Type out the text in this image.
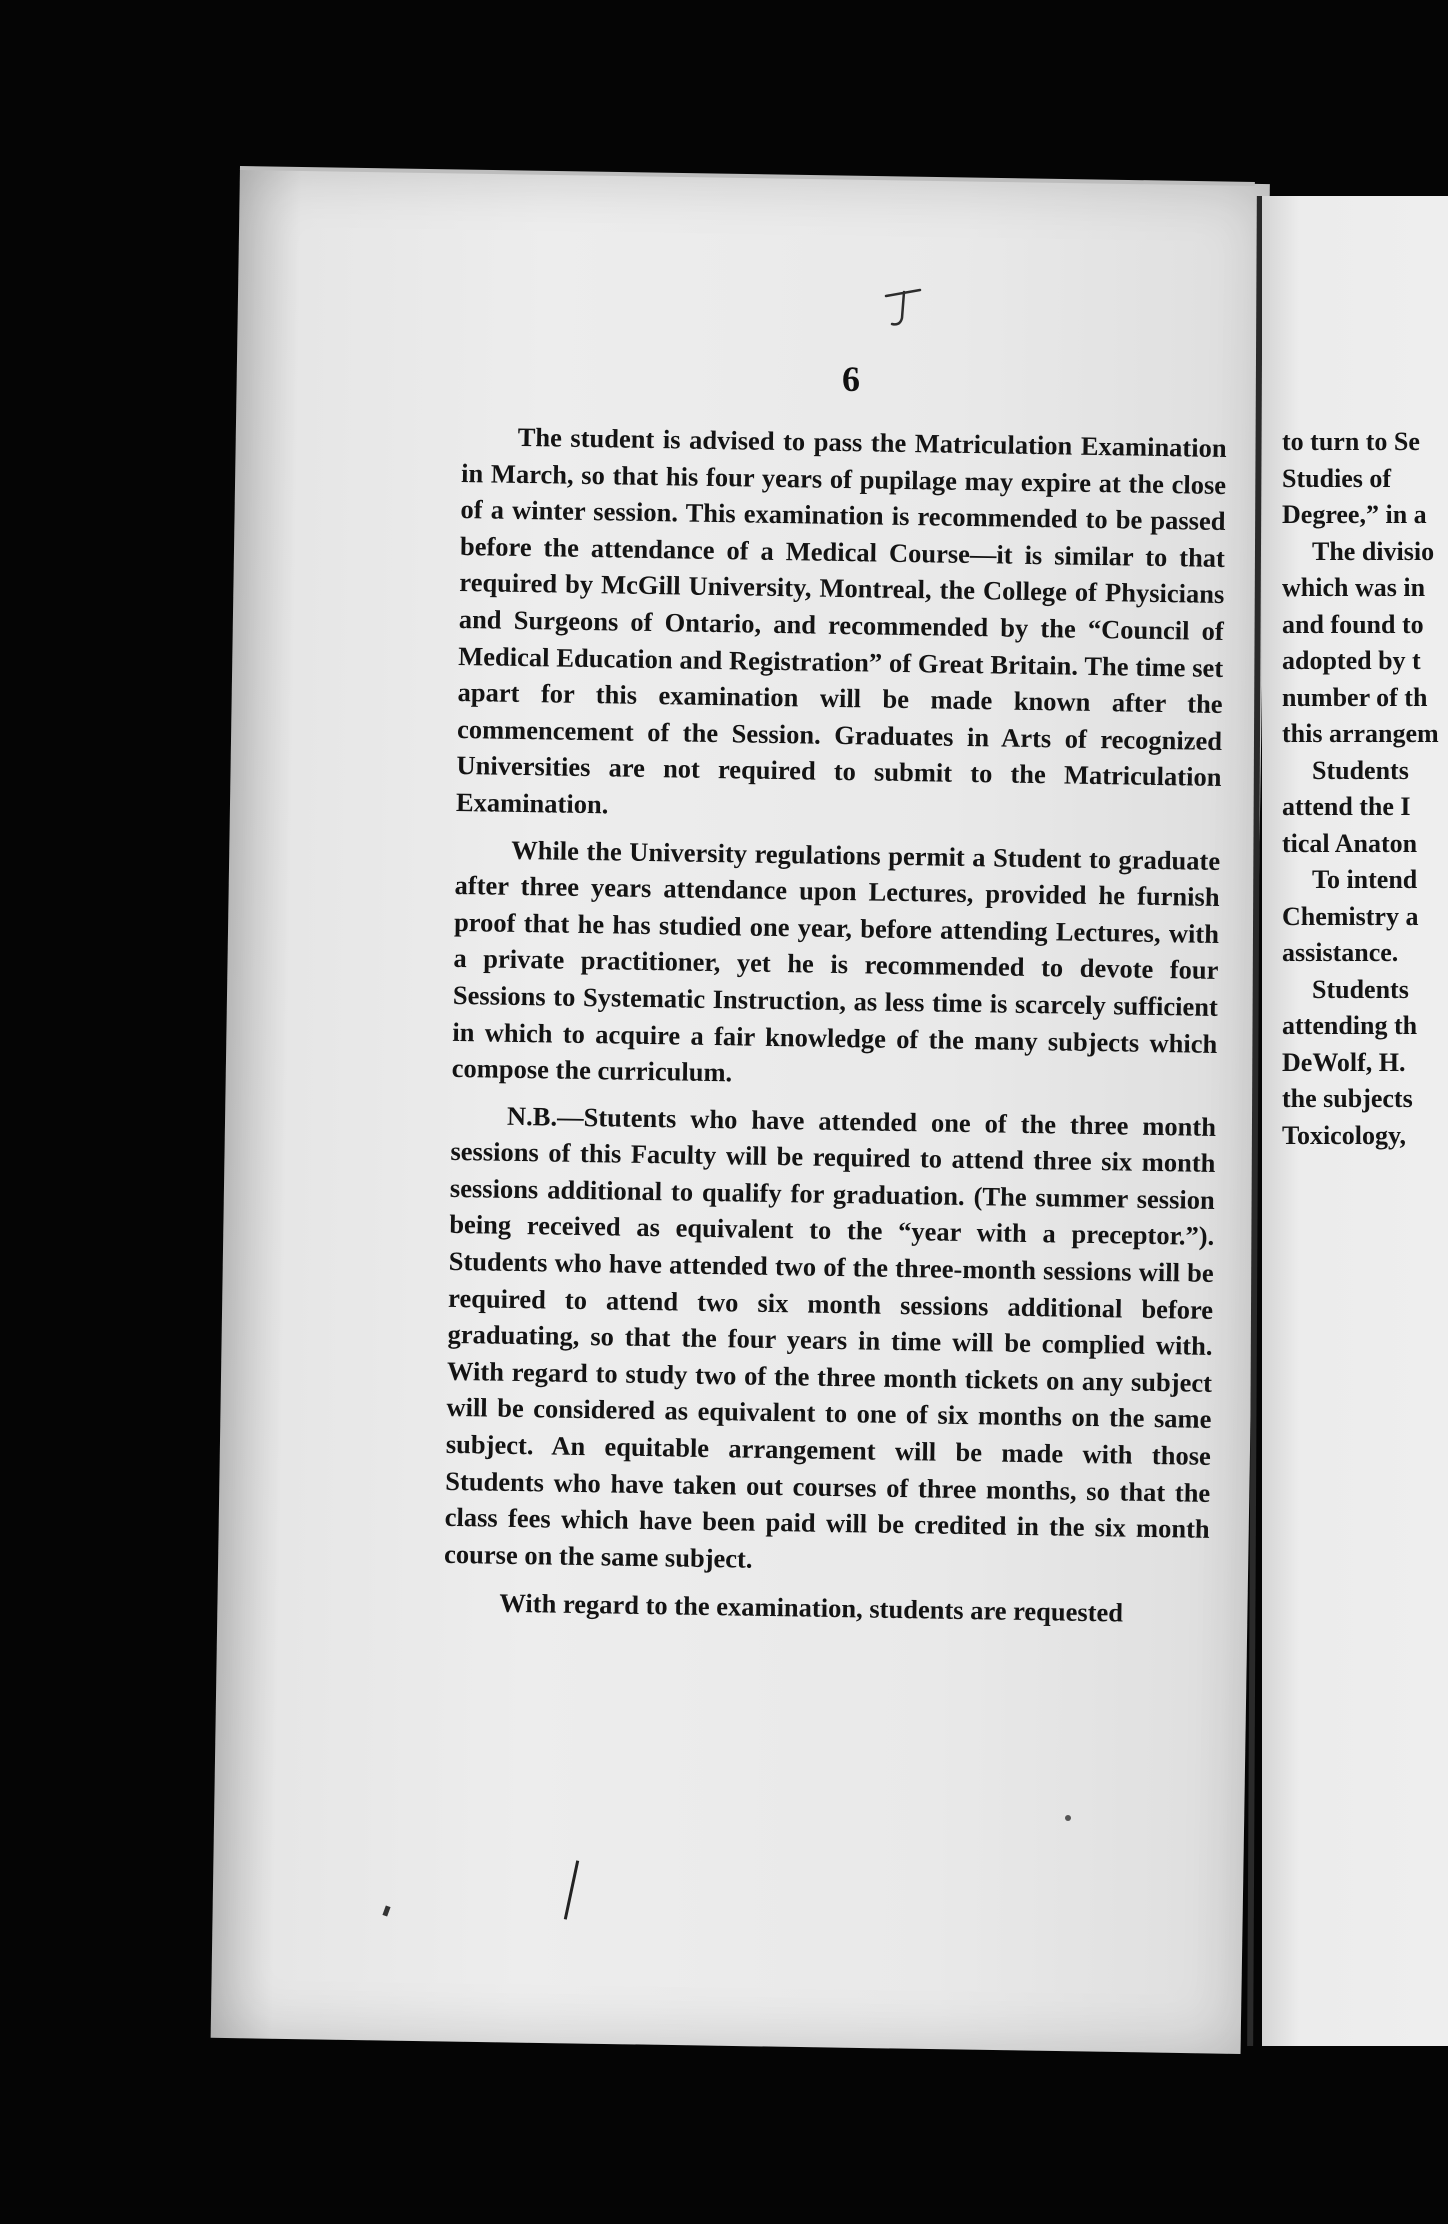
to turn to Se
Studies of
Degree,” in a
The divisio
which was in
and found to
adopted by t
number of th
this arrangem
Students
attend the I
tical Anaton
To intend
Chemistry a
assistance.
Students
attending th
DeWolf, H.
the subjects
Toxicology,
6

The student is advised to pass the Matriculation Examination in March, so that his four years of pupilage may expire at the close of a winter session. This examination is recommended to be passed before the attendance of a Medical Course—it is similar to that required by McGill University, Montreal, the College of Physicians and Surgeons of Ontario, and recommended by the “Council of Medical Education and Registration” of Great Britain. The time set apart for this examination will be made known after the commencement of the Session. Graduates in Arts of recognized Universities are not required to submit to the Matriculation Examination.

While the University regulations permit a Student to graduate after three years attendance upon Lectures, provided he furnish proof that he has studied one year, before attending Lectures, with a private practitioner, yet he is recommended to devote four Sessions to Systematic Instruction, as less time is scarcely sufficient in which to acquire a fair knowledge of the many subjects which compose the curriculum.

N.B.—Stutents who have attended one of the three month sessions of this Faculty will be required to attend three six month sessions additional to qualify for graduation. (The summer session being received as equivalent to the “year with a preceptor.”). Students who have attended two of the three-month sessions will be required to attend two six month sessions additional before graduating, so that the four years in time will be complied with. With regard to study two of the three month tickets on any subject will be considered as equivalent to one of six months on the same subject. An equitable arrangement will be made with those Students who have taken out courses of three months, so that the class fees which have been paid will be credited in the six month course on the same subject.

With regard to the examination, students are requested
